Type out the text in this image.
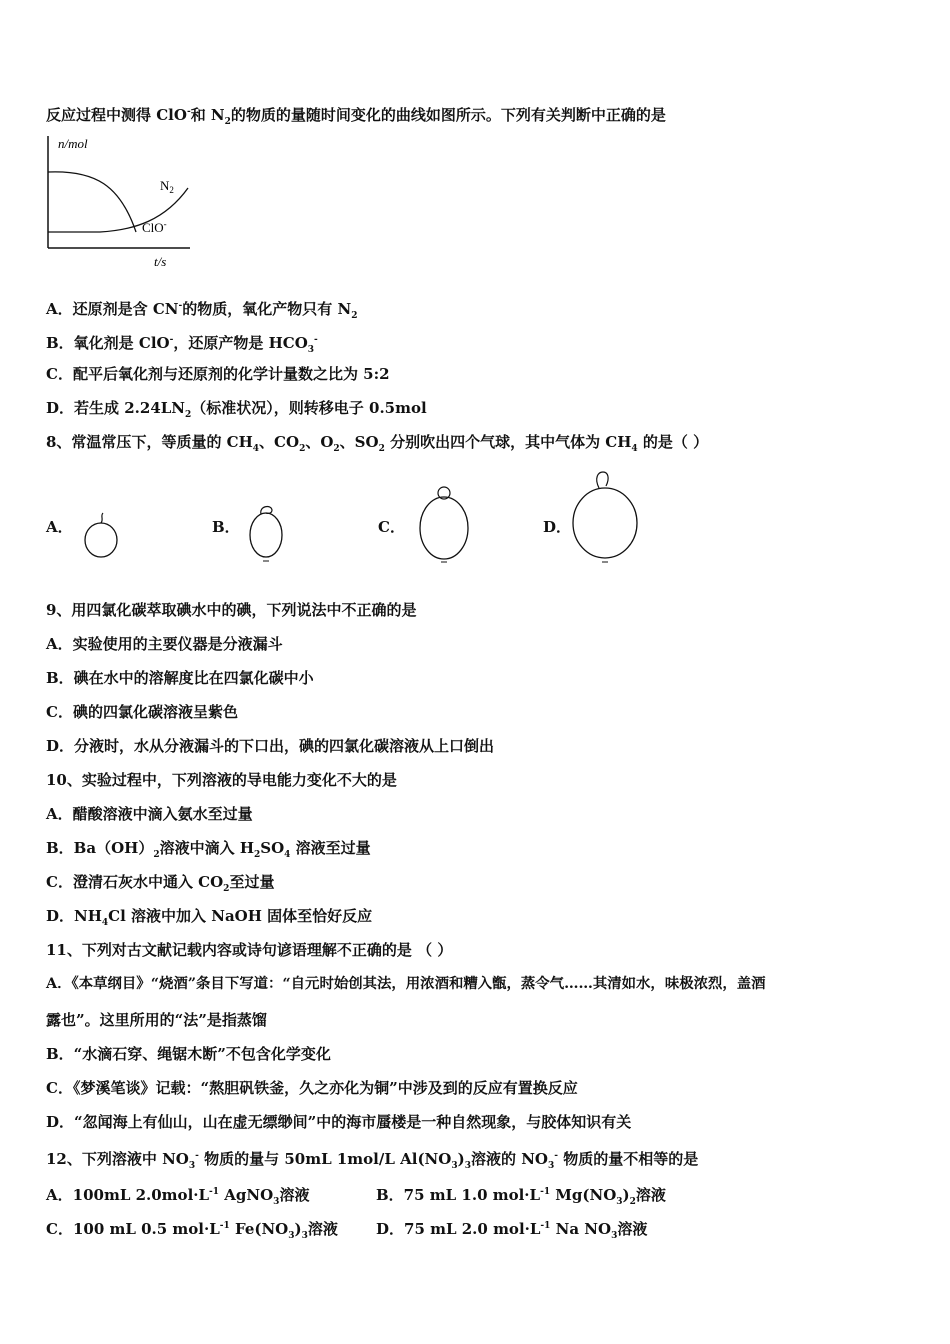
反应过程中测得 ClO-和 $N_2$的物质的量随时间变化的曲线如图所示。下列有关判断中正确的是
n/mol
t/s
$N_2$
ClO-
A．还原剂是含 CN-的物质，氧化产物只有 $N_2$
B．氧化剂是 ClO-，还原产物是 $HCO_3^-$
C．配平后氧化剂与还原剂的化学计量数之比为 5:2
D．若生成 $2.24LN_2$（标准状况），则转移电子 0.5mol
8、常温常压下，等质量的 $CH_4$、$CO_2$、$O_2$、$SO_2$ 分别吹出四个气球，其中气体为 $CH_4$ 的是（ ）
A．	B．	C．	D．
9、用四氯化碳萃取碘水中的碘，下列说法中不正确的是
A．实验使用的主要仪器是分液漏斗
B．碘在水中的溶解度比在四氯化碳中小
C．碘的四氯化碳溶液呈紫色
D．分液时，水从分液漏斗的下口出，碘的四氯化碳溶液从上口倒出
10、实验过程中，下列溶液的导电能力变化不大的是
A．醋酸溶液中滴入氨水至过量
B．$Ba(OH)_2$溶液中滴入 $H_2SO_4$ 溶液至过量
C．澄清石灰水中通入 $CO_2$至过量
D．$NH_4Cl$ 溶液中加入 NaOH 固体至恰好反应
11、下列对古文献记载内容或诗句谚语理解不正确的是 （ ）
A．《本草纲目》“烧酒”条目下写道：“自元时始创其法，用浓酒和糟入甑，蒸令气……其清如水，味极浓烈，盖酒
露也”。这里所用的“法”是指蒸馏
B．“水滴石穿、绳锯木断”不包含化学变化
C．《梦溪笔谈》记载：“熬胆矾铁釜，久之亦化为铜”中涉及到的反应有置换反应
D．“忽闻海上有仙山，山在虚无缥缈间”中的海市蜃楼是一种自然现象，与胶体知识有关
12、下列溶液中 $NO_3^-$ 物质的量与 50mL 1mol/L $Al(NO_3)_3$溶液的 $NO_3^-$ 物质的量不相等的是
A．100mL $2.0mol\cdot L^{-1}$ AgNO$_3$溶液	B．75 mL 1.0 $mol\cdot L^{-1}$ $Mg(NO_3)_2$溶液
C．100 mL 0.5 $mol\cdot L^{-1}$ $Fe(NO_3)_3$溶液	D．75 mL 2.0 $mol\cdot L^{-1}$ Na $NO_3$溶液
